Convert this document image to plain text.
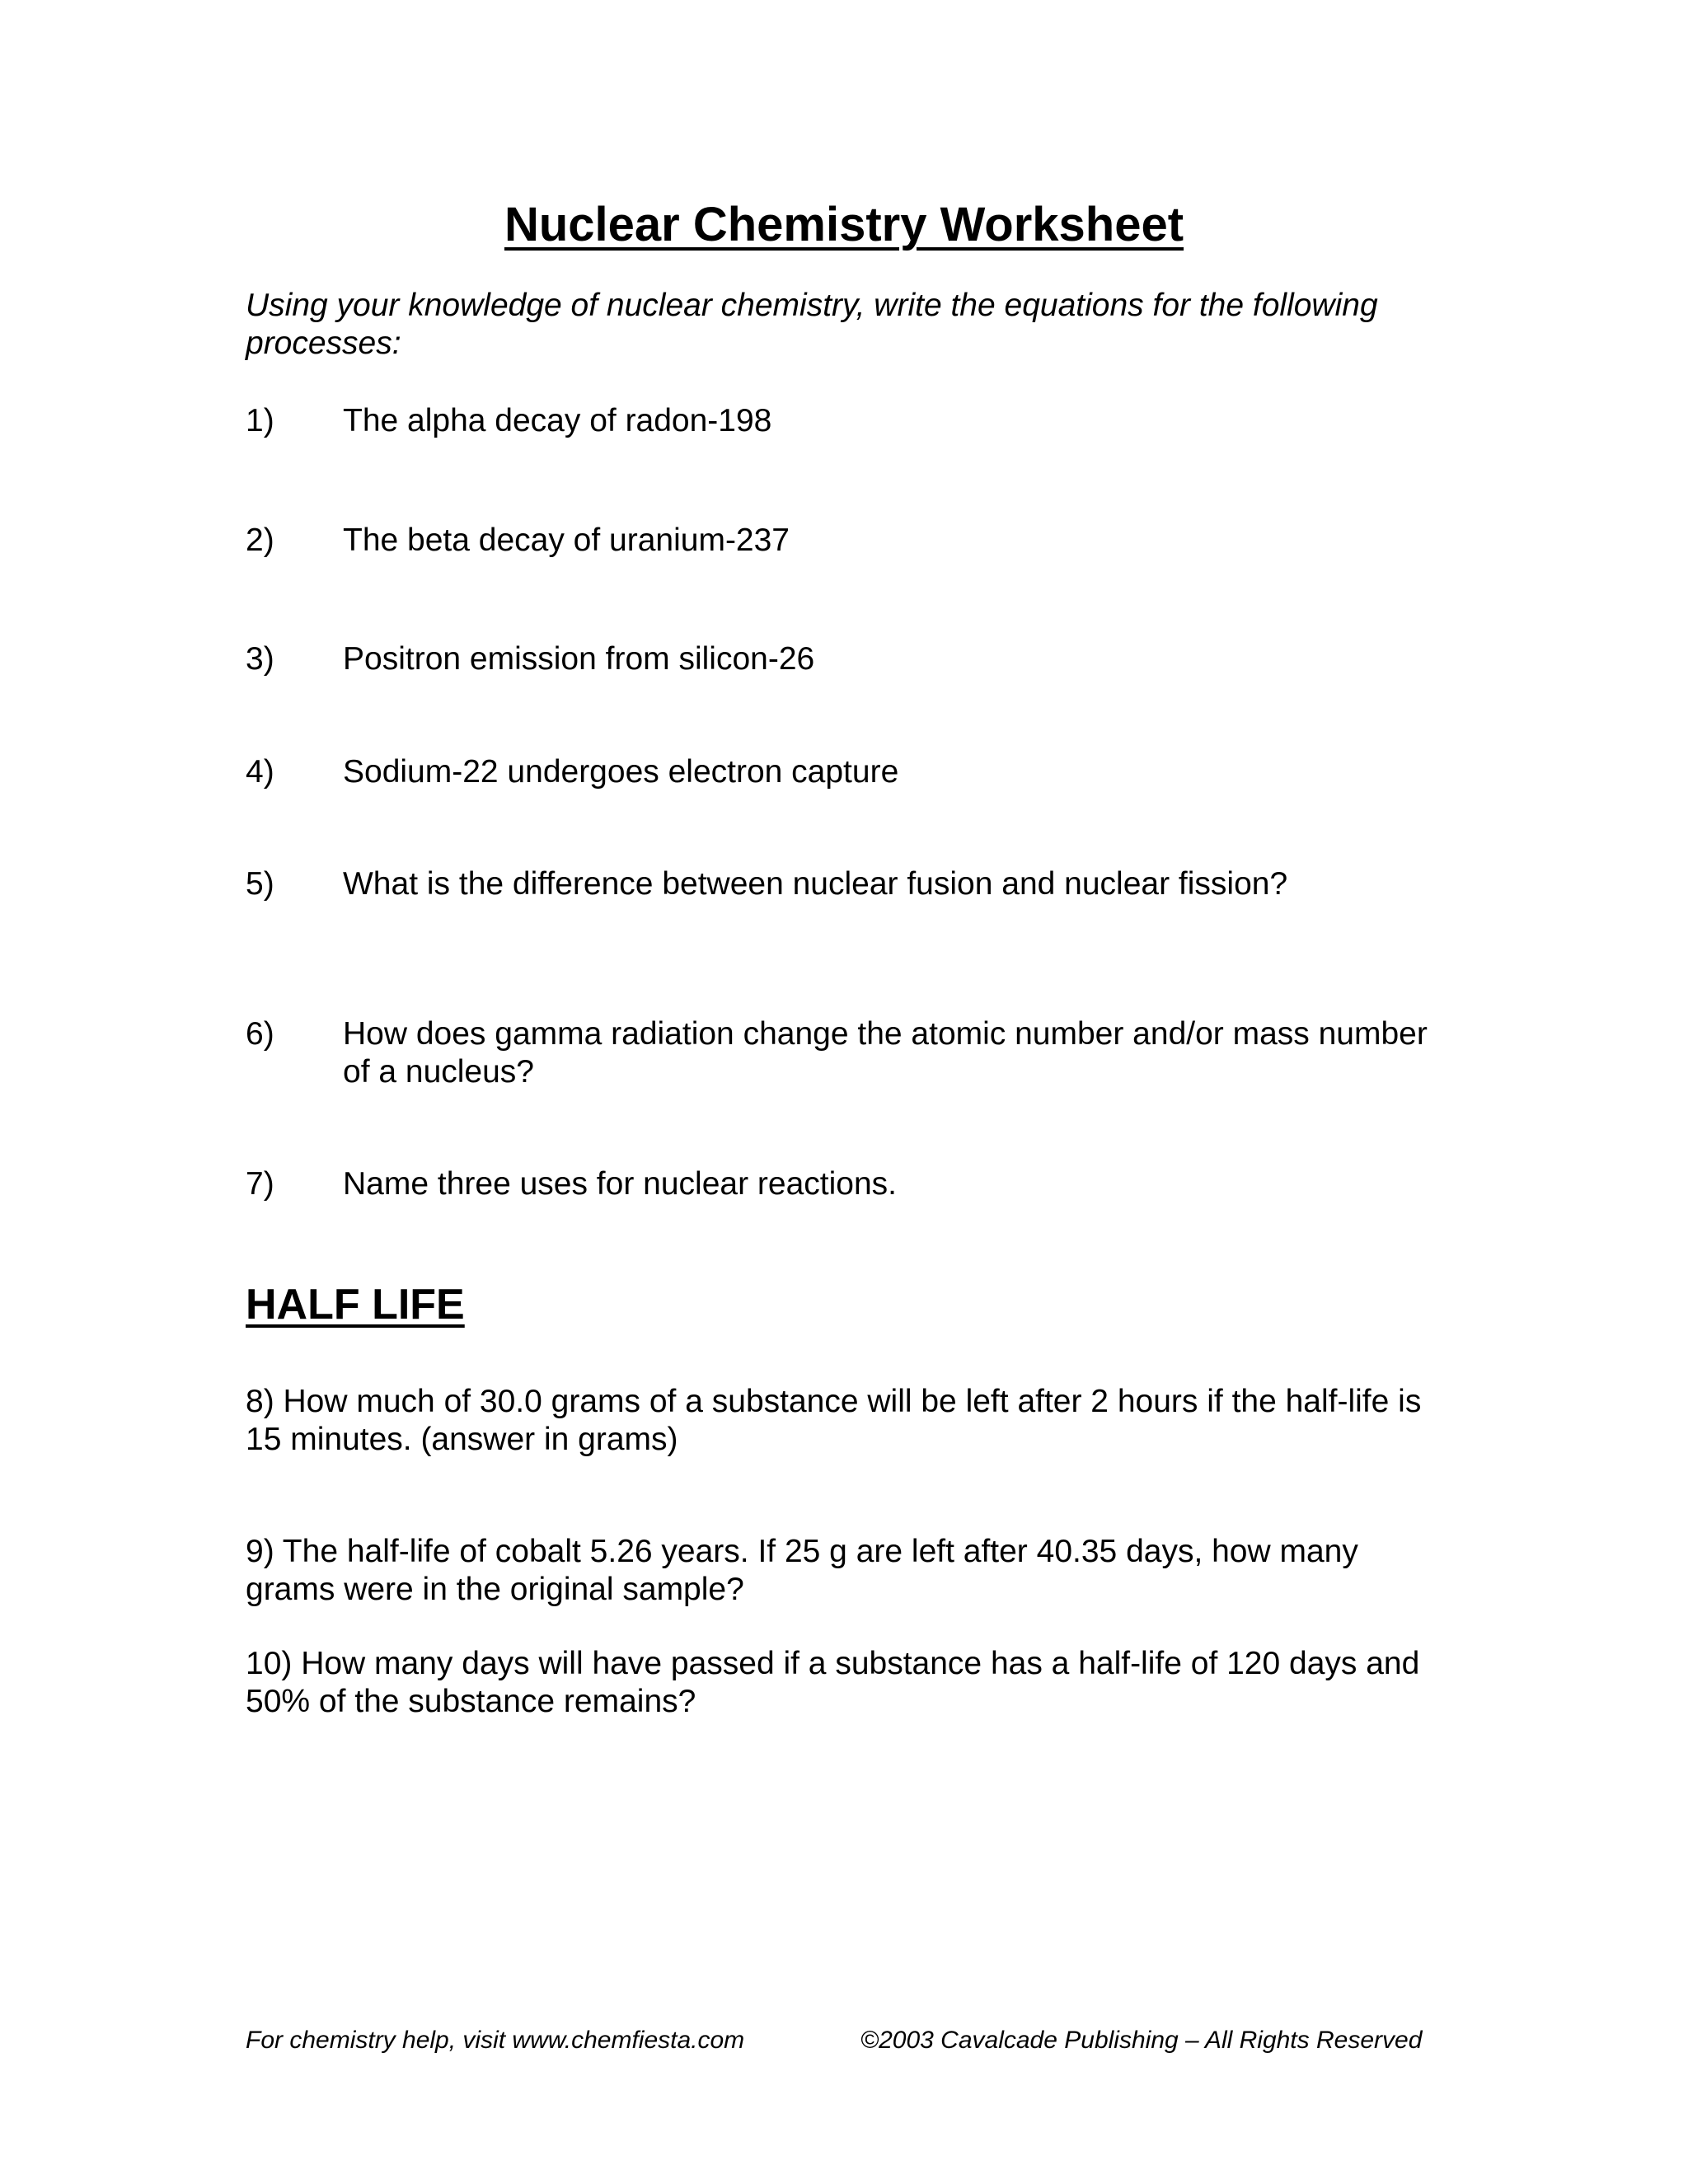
Nuclear Chemistry Worksheet

Using your knowledge of nuclear chemistry, write the equations for the following processes:

1) The alpha decay of radon-198
2) The beta decay of uranium-237
3) Positron emission from silicon-26
4) Sodium-22 undergoes electron capture
5) What is the difference between nuclear fusion and nuclear fission?
6) How does gamma radiation change the atomic number and/or mass number of a nucleus?
7) Name three uses for nuclear reactions.
HALF LIFE

8) How much of 30.0 grams of a substance will be left after 2 hours if the half-life is 15 minutes. (answer in grams)

9) The half-life of cobalt 5.26 years. If 25 g are left after 40.35 days, how many grams were in the original sample?

10) How many days will have passed if a substance has a half-life of 120 days and 50% of the substance remains?

For chemistry help, visit www.chemfiesta.com	©2003 Cavalcade Publishing – All Rights Reserved
